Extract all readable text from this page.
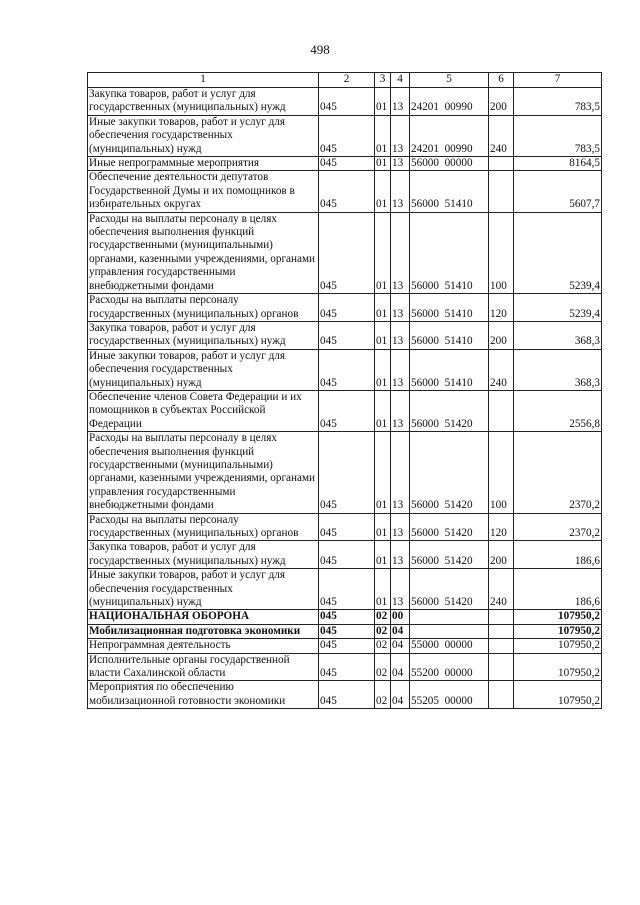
498
1	2	3	4	5	6	7
Закупка товаров, работ и услуг для государственных (муниципальных) нужд	045	01	13	24201  00990	200	783,5
Иные закупки товаров, работ и услуг для обеспечения государственных (муниципальных) нужд	045	01	13	24201  00990	240	783,5
Иные непрограммные мероприятия	045	01	13	56000  00000		8164,5
Обеспечение деятельности депутатов Государственной Думы и их помощников в избирательных округах	045	01	13	56000  51410		5607,7
Расходы на выплаты персоналу в целях обеспечения выполнения функций государственными (муниципальными) органами, казенными учреждениями, органами управления государственными внебюджетными фондами	045	01	13	56000  51410	100	5239,4
Расходы на выплаты персоналу государственных (муниципальных) органов	045	01	13	56000  51410	120	5239,4
Закупка товаров, работ и услуг для государственных (муниципальных) нужд	045	01	13	56000  51410	200	368,3
Иные закупки товаров, работ и услуг для обеспечения государственных (муниципальных) нужд	045	01	13	56000  51410	240	368,3
Обеспечение членов Совета Федерации и их помощников в субъектах Российской Федерации	045	01	13	56000  51420		2556,8
Расходы на выплаты персоналу в целях обеспечения выполнения функций государственными (муниципальными) органами, казенными учреждениями, органами управления государственными внебюджетными фондами	045	01	13	56000  51420	100	2370,2
Расходы на выплаты персоналу государственных (муниципальных) органов	045	01	13	56000  51420	120	2370,2
Закупка товаров, работ и услуг для государственных (муниципальных) нужд	045	01	13	56000  51420	200	186,6
Иные закупки товаров, работ и услуг для обеспечения государственных (муниципальных) нужд	045	01	13	56000  51420	240	186,6
НАЦИОНАЛЬНАЯ ОБОРОНА	045	02	00			107950,2
Мобилизационная подготовка экономики	045	02	04			107950,2
Непрограммная деятельность	045	02	04	55000  00000		107950,2
Исполнительные органы государственной власти Сахалинской области	045	02	04	55200  00000		107950,2
Мероприятия по обеспечению мобилизационной готовности экономики	045	02	04	55205  00000		107950,2
